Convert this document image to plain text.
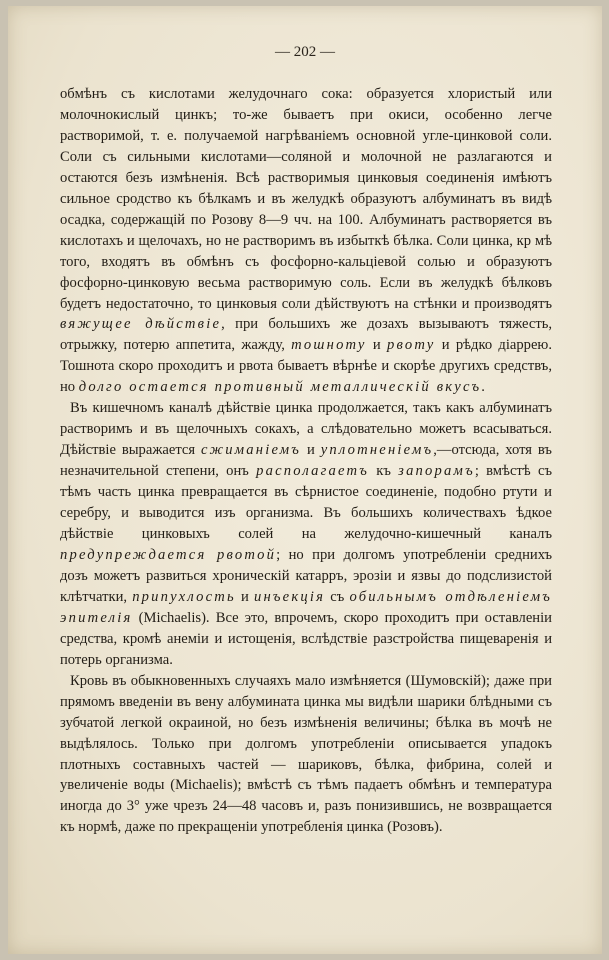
— 202 —

обмѣнъ съ кислотами желудочнаго сока: образуется хлористый или молочнокислый цинкъ; то-же бываетъ при окиси, особенно легче растворимой, т. е. получаемой нагрѣваніемъ основной угле-цинковой соли. Соли съ сильными кислотами—соляной и молочной не разлагаются и остаются безъ измѣненія. Всѣ растворимыя цинковыя соединенія имѣютъ сильное сродство къ бѣлкамъ и въ желудкѣ образуютъ албуминатъ въ видѣ осадка, содержащій по Розову 8—9 чч. на 100. Албуминатъ растворяется въ кислотахъ и щелочахъ, но не растворимъ въ избыткѣ бѣлка. Соли цинка, кр мѣ того, входятъ въ обмѣнъ съ фосфорно-кальціевой солью и образуютъ фосфорно-цинковую весьма растворимую соль. Если въ желудкѣ бѣлковъ будетъ недостаточно, то цинковыя соли дѣйствуютъ на стѣнки и производятъ вяжущее дѣйствіе, при большихъ же дозахъ вызываютъ тяжесть, отрыжку, потерю аппетита, жажду, тошноту и рвоту и рѣдко діаррею. Тошнота скоро проходитъ и рвота бываетъ вѣрнѣе и скорѣе другихъ средствъ, но долго остается противный металлическій вкусъ.

Въ кишечномъ каналѣ дѣйствіе цинка продолжается, такъ какъ албуминатъ растворимъ и въ щелочныхъ сокахъ, а слѣдовательно можетъ всасываться. Дѣйствіе выражается сжиманіемъ и уплотненіемъ,—отсюда, хотя въ незначительной степени, онъ располагаетъ къ запорамъ; вмѣстѣ съ тѣмъ часть цинка превращается въ сѣрнистое соединеніе, подобно ртути и серебру, и выводится изъ организма. Въ большихъ количествахъ ѣдкое дѣйствіе цинковыхъ солей на желудочно-кишечный каналъ предупреждается рвотой; но при долгомъ употребленіи среднихъ дозъ можетъ развиться хроническій катарръ, эрозіи и язвы до подслизистой клѣтчатки, припухлость и инъекція съ обильнымъ отдѣленіемъ эпителія (Michaelis). Все это, впрочемъ, скоро проходитъ при оставленіи средства, кромѣ анеміи и истощенія, вслѣдствіе разстройства пищеваренія и потерь организма.

Кровь въ обыкновенныхъ случаяхъ мало измѣняется (Шумовскій); даже при прямомъ введеніи въ вену албумината цинка мы видѣли шарики блѣдными съ зубчатой легкой окраиной, но безъ измѣненія величины; бѣлка въ мочѣ не выдѣлялось. Только при долгомъ употребленіи описывается упадокъ плотныхъ составныхъ частей — шариковъ, бѣлка, фибрина, солей и увеличеніе воды (Michaelis); вмѣстѣ съ тѣмъ падаетъ обмѣнъ и температура иногда до 3° уже чрезъ 24—48 часовъ и, разъ понизившись, не возвращается къ нормѣ, даже по прекращеніи употребленія цинка (Розовъ).
